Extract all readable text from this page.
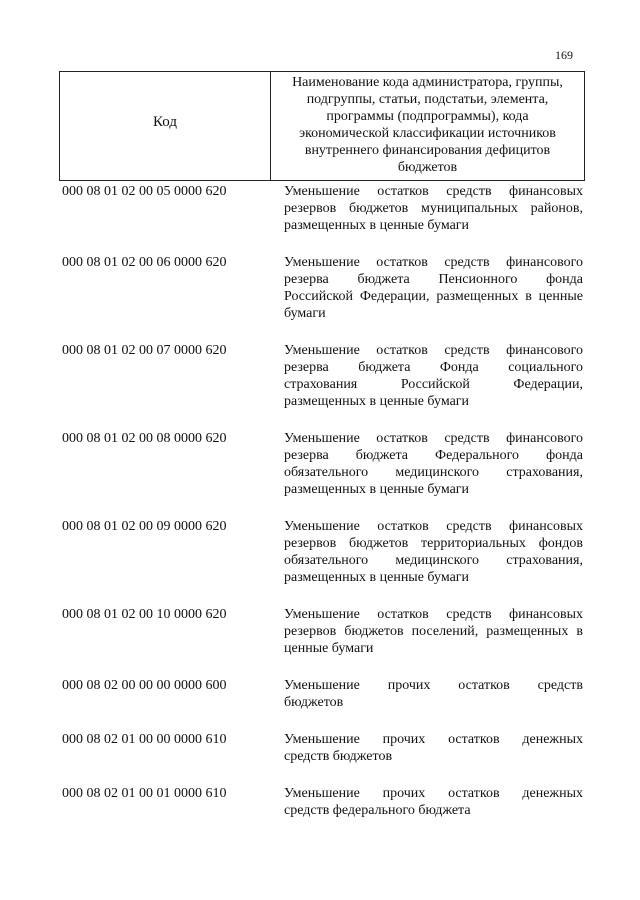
169
Код
Наименование кода администратора, группы,
подгруппы, статьи, подстатьи, элемента,
программы (подпрограммы), кода
экономической классификации источников
внутреннего финансирования дефицитов
бюджетов
000 08 01 02 00 05 0000 620	Уменьшение остатков средств финансовых
резервов бюджетов муниципальных районов,
размещенных в ценные бумаги
000 08 01 02 00 06 0000 620	Уменьшение остатков средств финансового
резерва бюджета Пенсионного фонда
Российской Федерации, размещенных в ценные
бумаги
000 08 01 02 00 07 0000 620	Уменьшение остатков средств финансового
резерва бюджета Фонда социального
страхования Российской Федерации,
размещенных в ценные бумаги
000 08 01 02 00 08 0000 620	Уменьшение остатков средств финансового
резерва бюджета Федерального фонда
обязательного медицинского страхования,
размещенных в ценные бумаги
000 08 01 02 00 09 0000 620	Уменьшение остатков средств финансовых
резервов бюджетов территориальных фондов
обязательного медицинского страхования,
размещенных в ценные бумаги
000 08 01 02 00 10 0000 620	Уменьшение остатков средств финансовых
резервов бюджетов поселений, размещенных в
ценные бумаги
000 08 02 00 00 00 0000 600	Уменьшение прочих остатков средств
бюджетов
000 08 02 01 00 00 0000 610	Уменьшение прочих остатков денежных
средств бюджетов
000 08 02 01 00 01 0000 610	Уменьшение прочих остатков денежных
средств федерального бюджета
